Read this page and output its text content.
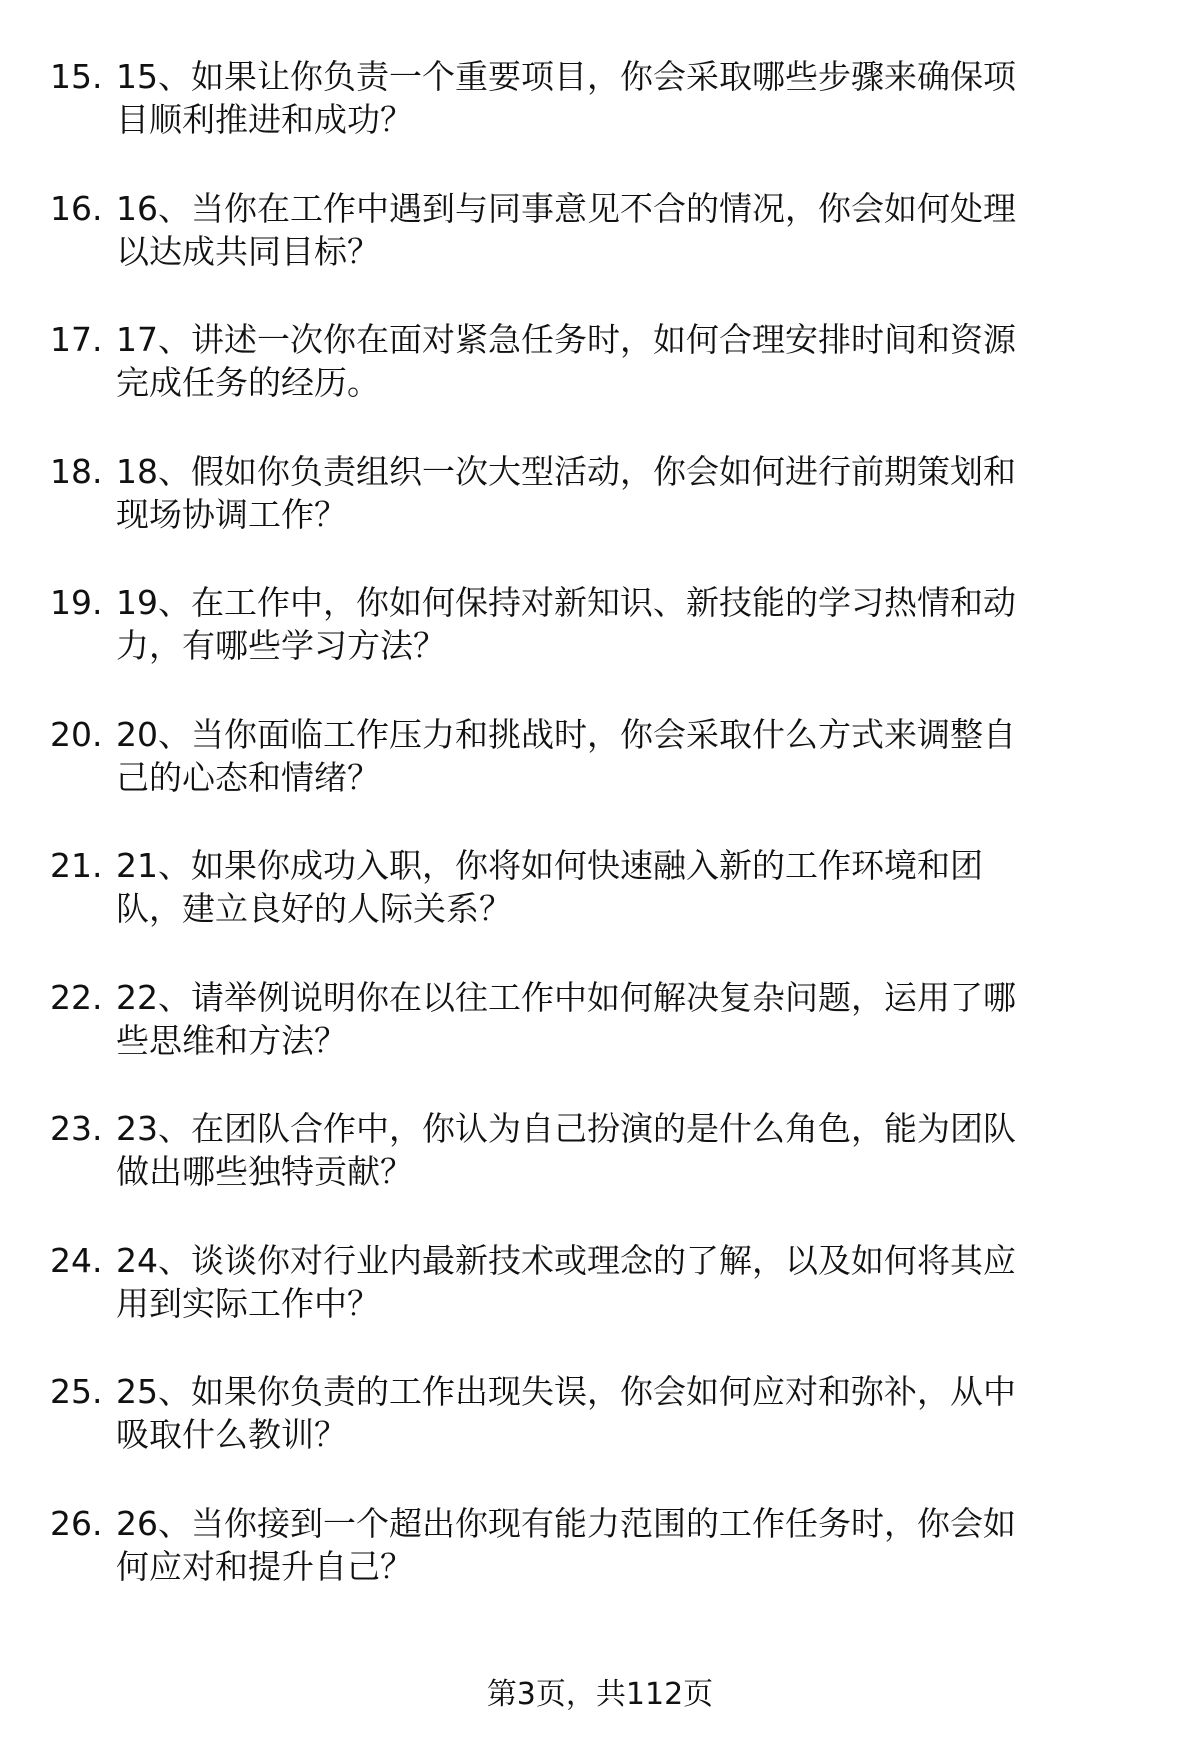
15. 15、如果让你负责一个重要项目，你会采取哪些步骤来确保项目顺利推进和成功？
16. 16、当你在工作中遇到与同事意见不合的情况，你会如何处理以达成共同目标？
17. 17、讲述一次你在面对紧急任务时，如何合理安排时间和资源完成任务的经历。
18. 18、假如你负责组织一次大型活动，你会如何进行前期策划和现场协调工作？
19. 19、在工作中，你如何保持对新知识、新技能的学习热情和动力，有哪些学习方法？
20. 20、当你面临工作压力和挑战时，你会采取什么方式来调整自己的心态和情绪？
21. 21、如果你成功入职，你将如何快速融入新的工作环境和团队，建立良好的人际关系？
22. 22、请举例说明你在以往工作中如何解决复杂问题，运用了哪些思维和方法？
23. 23、在团队合作中，你认为自己扮演的是什么角色，能为团队做出哪些独特贡献？
24. 24、谈谈你对行业内最新技术或理念的了解，以及如何将其应用到实际工作中？
25. 25、如果你负责的工作出现失误，你会如何应对和弥补，从中吸取什么教训？
26. 26、当你接到一个超出你现有能力范围的工作任务时，你会如何应对和提升自己？
第3页，共112页
